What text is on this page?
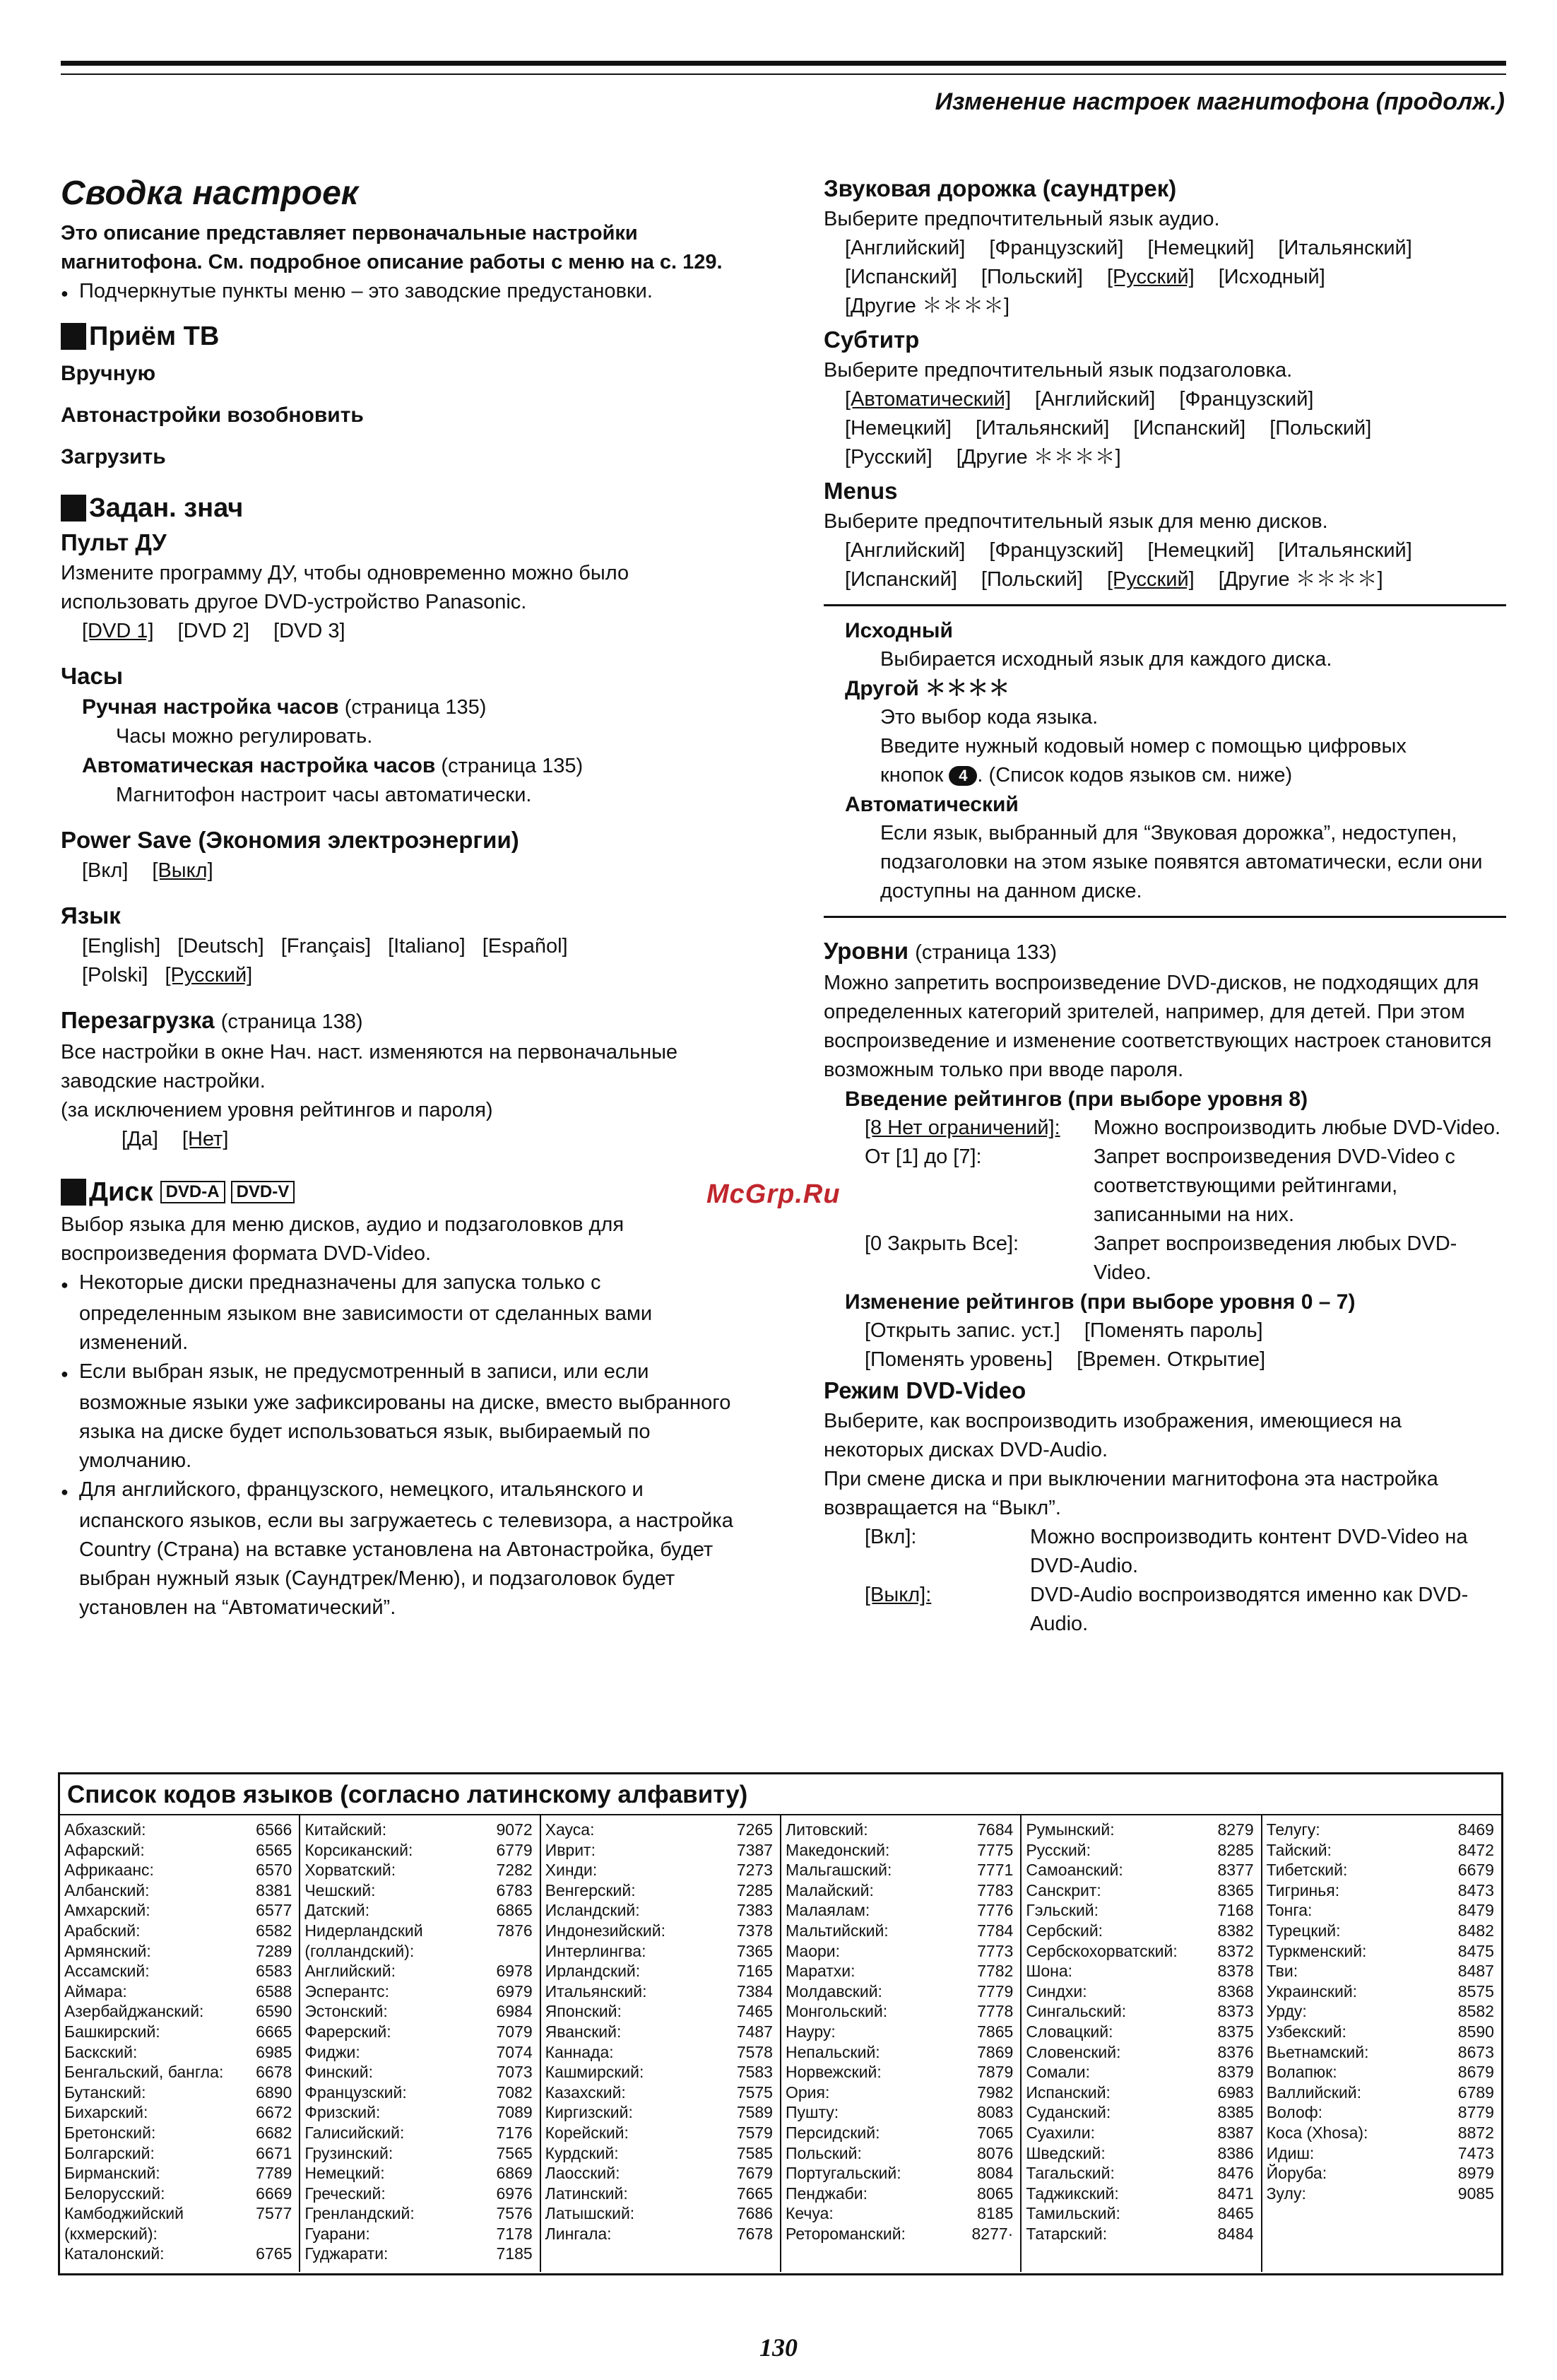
Изменение настроек магнитофона (продолж.)
Сводка настроек
Это описание представляет первоначальные настройки магнитофона. См. подробное описание работы с меню на с. 129.
● Подчеркнутые пункты меню – это заводские предустановки.
Приём ТВ
Вручную
Автонастройки возобновить
Загрузить
Задан. знач
Пульт ДУ
Измените программу ДУ, чтобы одновременно можно было использовать другое DVD-устройство Panasonic.
[DVD 1] [DVD 2] [DVD 3]
Часы
Ручная настройка часов (страница 135)
Часы можно регулировать.
Автоматическая настройка часов (страница 135)
Магнитофон настроит часы автоматически.
Power Save (Экономия электроэнергии)
[Вкл] [Выкл]
Язык
[English] [Deutsch] [Français] [Italiano] [Español]
[Polski] [Русский]
Перезагрузка (страница 138)
Все настройки в окне Нач. наст. изменяются на первоначальные заводские настройки.
(за исключением уровня рейтингов и пароля)
[Да] [Нет]
Диск DVD-A	DVD-V
Выбор языка для меню дисков, аудио и подзаголовков для воспроизведения формата DVD-Video.
● Некоторые диски предназначены для запуска только с определенным языком вне зависимости от сделанных вами изменений.
● Если выбран язык, не предусмотренный в записи, или если возможные языки уже зафиксированы на диске, вместо выбранного языка на диске будет использоваться язык, выбираемый по умолчанию.
● Для английского, французского, немецкого, итальянского и испанского языков, если вы загружаетесь с телевизора, а настройка Country (Страна) на вставке установлена на Автонастройка, будет выбран нужный язык (Саундтрек/Меню), и подзаголовок будет установлен на “Автоматический”.
Звуковая дорожка (саундтрек)
Выберите предпочтительный язык аудио.
[Английский] [Французский] [Немецкий] [Итальянский]
[Испанский] [Польский] [Русский] [Исходный]
[Другие ＊＊＊＊]
Субтитр
Выберите предпочтительный язык подзаголовка.
[Автоматический] [Английский] [Французский]
[Немецкий] [Итальянский] [Испанский] [Польский]
[Русский] [Другие ＊＊＊＊]
Menus
Выберите предпочтительный язык для меню дисков.
[Английский] [Французский] [Немецкий] [Итальянский]
[Испанский] [Польский] [Русский] [Другие ＊＊＊＊]
Исходный
Выбирается исходный язык для каждого диска.
Другой ＊＊＊＊
Это выбор кода языка.
Введите нужный кодовый номер с помощью цифровых
кнопок 4 . (Список кодов языков см. ниже)
Автоматический
Если язык, выбранный для “Звуковая дорожка”, недоступен, подзаголовки на этом языке появятся автоматически, если они доступны на данном диске.
Уровни (страница 133)
Можно запретить воспроизведение DVD-дисков, не подходящих для определенных категорий зрителей, например, для детей. При этом воспроизведение и изменение соответствующих настроек становится возможным только при вводе пароля.
Введение рейтингов (при выборе уровня 8)
[8 Нет ограничений]:	Можно воспроизводить любые DVD-Video.
От [1] до [7]:	Запрет воспроизведения DVD-Video с соответствующими рейтингами, записанными на них.
[0 Закрыть Все]:	Запрет воспроизведения любых DVD-Video.
Изменение рейтингов (при выборе уровня 0 – 7)
[Открыть запис. уст.] [Поменять пароль]
[Поменять уровень] [Времен. Открытие]
Режим DVD-Video
Выберите, как воспроизводить изображения, имеющиеся на некоторых дисках DVD-Audio.
При смене диска и при выключении магнитофона эта настройка возвращается на “Выкл”.
[Вкл]:	Можно воспроизводить контент DVD-Video на DVD-Audio.
[Выкл]:	DVD-Audio воспроизводятся именно как DVD-Audio.
McGrp.Ru
Список кодов языков (согласно латинскому алфавиту)
Абхазский:	6566
Афарский:	6565
Африкаанс:	6570
Албанский:	8381
Амхарский:	6577
Арабский:	6582
Армянский:	7289
Ассамский:	6583
Аймара:	6588
Азербайджанский:	6590
Башкирский:	6665
Баскский:	6985
Бенгальский, бангла:	6678
Бутанский:	6890
Бихарский:	6672
Бретонский:	6682
Болгарский:	6671
Бирманский:	7789
Белорусский:	6669
Камбоджийский
(кхмерский):
7577
Каталонский:	6765
Китайский:	9072
Корсиканский:	6779
Хорватский:	7282
Чешский:	6783
Датский:	6865
Нидерландский
(голландский):
7876
Английский:	6978
Эсперантс:	6979
Эстонский:	6984
Фарерский:	7079
Фиджи:	7074
Финский:	7073
Французский:	7082
Фризский:	7089
Галисийский:	7176
Грузинский:	7565
Немецкий:	6869
Греческий:	6976
Гренландский:	7576
Гуарани:	7178
Гуджарати:	7185
Хауса:	7265
Иврит:	7387
Хинди:	7273
Венгерский:	7285
Исландский:	7383
Индонезийский:	7378
Интерлингва:	7365
Ирландский:	7165
Итальянский:	7384
Японский:	7465
Яванский:	7487
Каннада:	7578
Кашмирский:	7583
Казахский:	7575
Киргизский:	7589
Корейский:	7579
Курдский:	7585
Лаосский:	7679
Латинский:	7665
Латышский:	7686
Лингала:	7678
Литовский:	7684
Македонский:	7775
Мальгашский:	7771
Малайский:	7783
Малаялам:	7776
Мальтийский:	7784
Маори:	7773
Маратхи:	7782
Молдавский:	7779
Монгольский:	7778
Науру:	7865
Непальский:	7869
Норвежский:	7879
Ория:	7982
Пушту:	8083
Персидский:	7065
Польский:	8076
Португальский:	8084
Пенджаби:	8065
Кечуа:	8185
Ретороманский:	8277·
Румынский:	8279
Русский:	8285
Самоанский:	8377
Санскрит:	8365
Гэльский:	7168
Сербский:	8382
Сербскохорватский:	8372
Шона:	8378
Синдхи:	8368
Сингальский:	8373
Словацкий:	8375
Словенский:	8376
Сомали:	8379
Испанский:	6983
Суданский:	8385
Суахили:	8387
Шведский:	8386
Тагальский:	8476
Таджикский:	8471
Тамильский:	8465
Татарский:	8484
Телугу:	8469
Тайский:	8472
Тибетский:	6679
Тигринья:	8473
Тонга:	8479
Турецкий:	8482
Туркменский:	8475
Тви:	8487
Украинский:	8575
Урду:	8582
Узбекский:	8590
Вьетнамский:	8673
Волапюк:	8679
Валлийский:	6789
Волоф:	8779
Коса (Xhosa):	8872
Идиш:	7473
Йоруба:	8979
Зулу:	9085
130
